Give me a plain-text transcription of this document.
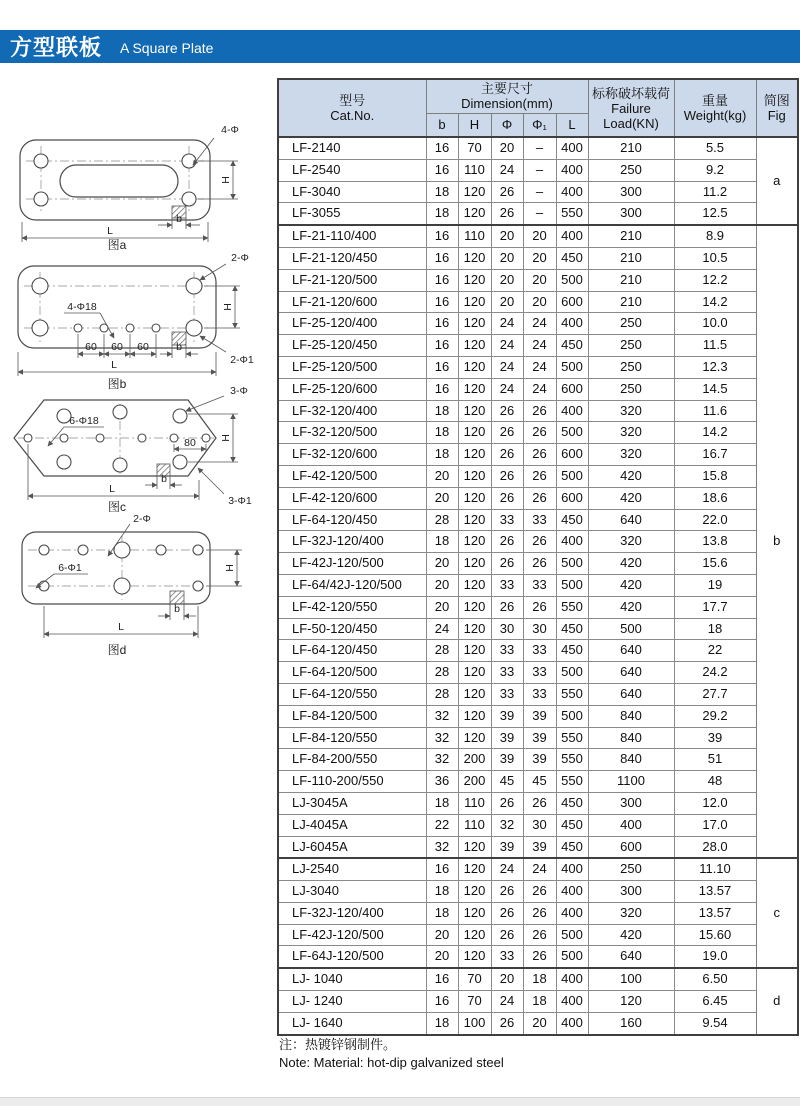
方型联板 A Square Plate
4-Φ
H
b
L
图a
2-Φ
4-Φ18
60 60 60
2-Φ1
H
b
L
图b	3-Φ
6-Φ18
80
3-Φ1
H
b
L
图c
2-Φ
6-Φ1	H
b
L
图d
型号
Cat.No.

主要尺寸
Dimension(mm)

标称破坏载荷
Failure
Load(KN)

重量
Weight(kg)

简图
Fig

	b	H	Φ	Φ₁	L			
LF-2140	16	70	20	–	400	210	5.5	a
LF-2540	16	110	24	–	400	250	9.2	
LF-3040	18	120	26	–	400	300	11.2	
LF-3055	18	120	26	–	550	300	12.5	
LF-21-110/400	16	110	20	20	400	210	8.9	b
LF-21-120/450	16	120	20	20	450	210	10.5	
LF-21-120/500	16	120	20	20	500	210	12.2	
LF-21-120/600	16	120	20	20	600	210	14.2	
LF-25-120/400	16	120	24	24	400	250	10.0	
LF-25-120/450	16	120	24	24	450	250	11.5	
LF-25-120/500	16	120	24	24	500	250	12.3	
LF-25-120/600	16	120	24	24	600	250	14.5	
LF-32-120/400	18	120	26	26	400	320	11.6	
LF-32-120/500	18	120	26	26	500	320	14.2	
LF-32-120/600	18	120	26	26	600	320	16.7	
LF-42-120/500	20	120	26	26	500	420	15.8	
LF-42-120/600	20	120	26	26	600	420	18.6	
LF-64-120/450	28	120	33	33	450	640	22.0	
LF-32J-120/400	18	120	26	26	400	320	13.8	
LF-42J-120/500	20	120	26	26	500	420	15.6	
LF-64/42J-120/500	20	120	33	33	500	420	19	
LF-42-120/550	20	120	26	26	550	420	17.7	
LF-50-120/450	24	120	30	30	450	500	18	
LF-64-120/450	28	120	33	33	450	640	22	
LF-64-120/500	28	120	33	33	500	640	24.2	
LF-64-120/550	28	120	33	33	550	640	27.7	
LF-84-120/500	32	120	39	39	500	840	29.2	
LF-84-120/550	32	120	39	39	550	840	39	
LF-84-200/550	32	200	39	39	550	840	51	
LF-110-200/550	36	200	45	45	550	1100	48	
LJ-3045A	18	110	26	26	450	300	12.0	
LJ-4045A	22	110	32	30	450	400	17.0	
LJ-6045A	32	120	39	39	450	600	28.0	
LJ-2540	16	120	24	24	400	250	11.10	c
LJ-3040	18	120	26	26	400	300	13.57	
LF-32J-120/400	18	120	26	26	400	320	13.57	
LF-42J-120/500	20	120	26	26	500	420	15.60	
LF-64J-120/500	20	120	33	26	500	640	19.0	
LJ- 1040	16	70	20	18	400	100	6.50	d
LJ- 1240	16	70	24	18	400	120	6.45	
LJ- 1640	18	100	26	20	400	160	9.54	
注：热镀锌钢制件。
Note: Material: hot-dip galvanized steel
